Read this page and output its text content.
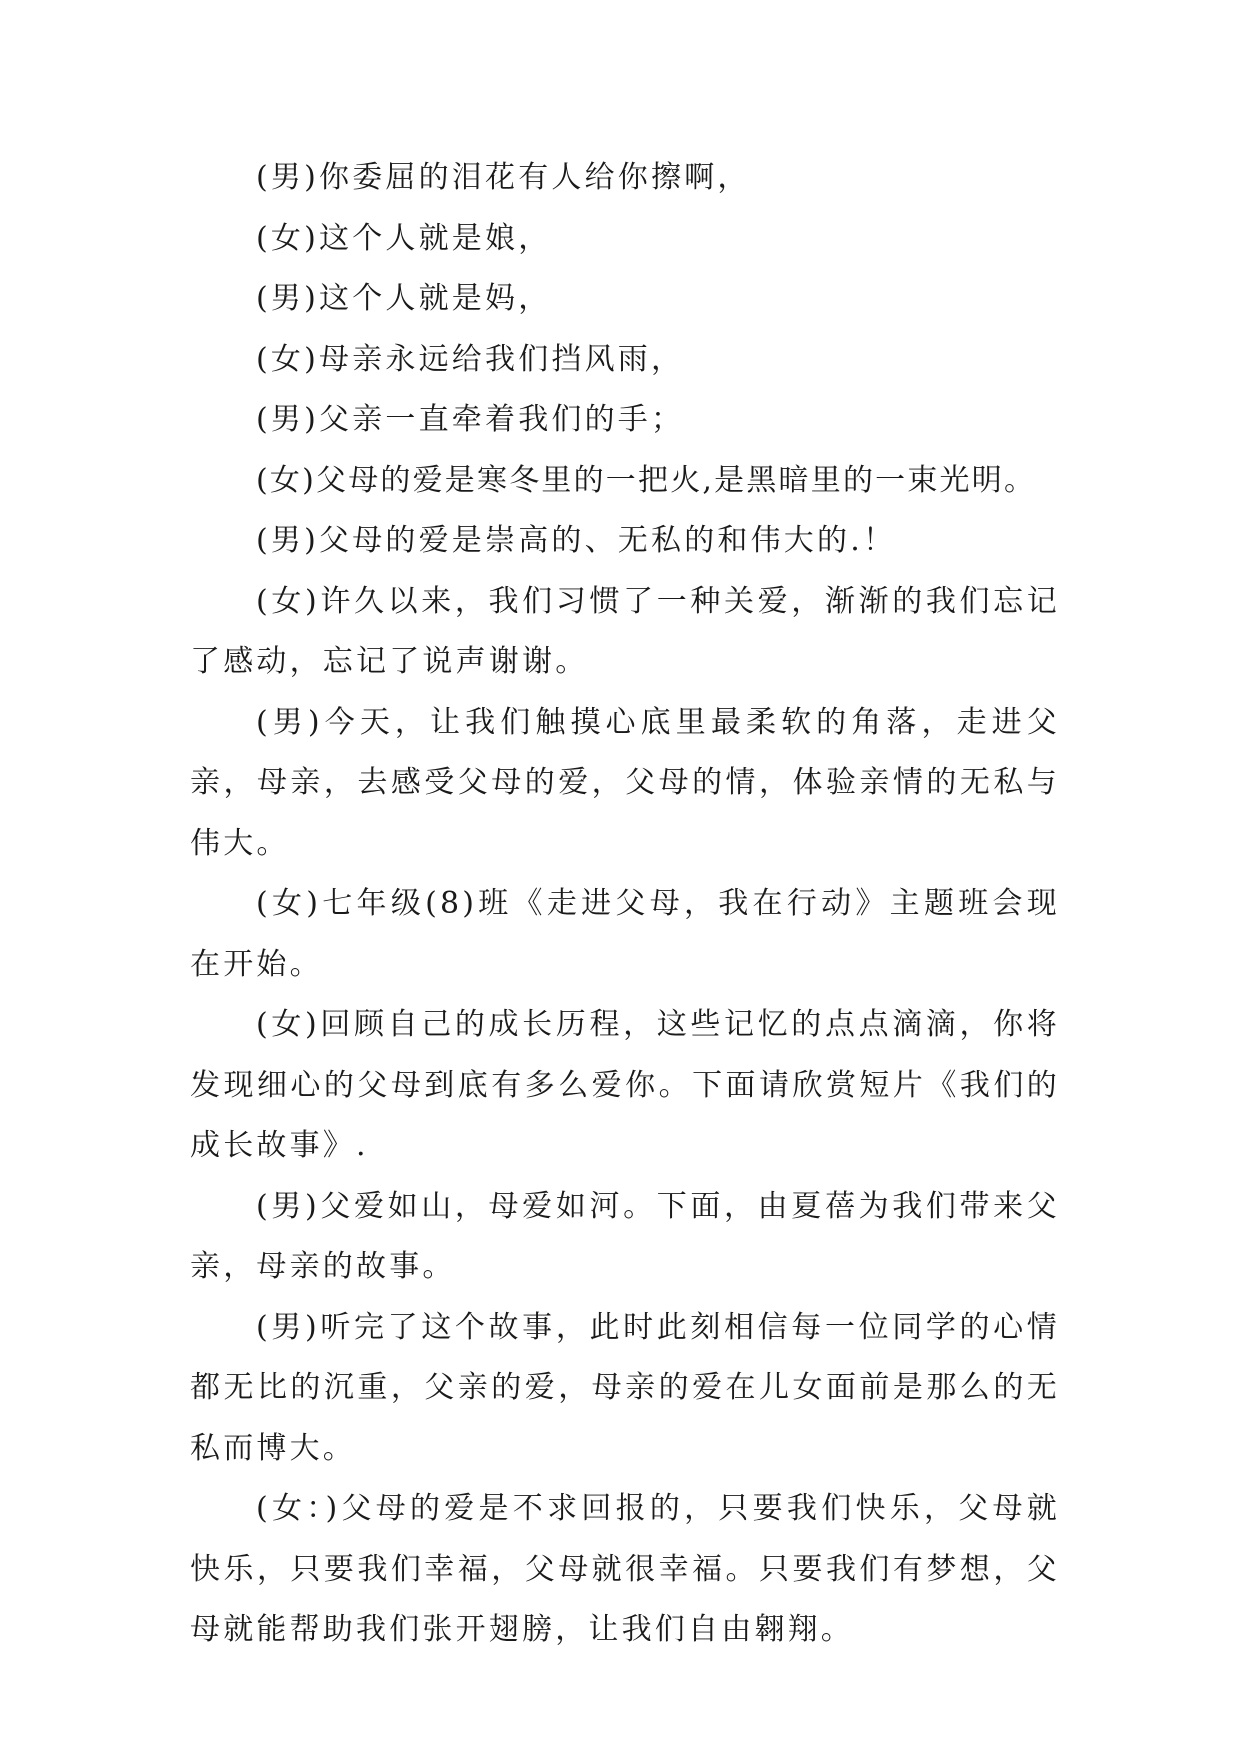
(男)你委屈的泪花有人给你擦啊，

(女)这个人就是娘，

(男)这个人就是妈，

(女)母亲永远给我们挡风雨，

(男)父亲一直牵着我们的手；

(女)父母的爱是寒冬里的一把火,是黑暗里的一束光明。

(男)父母的爱是崇高的、无私的和伟大的.！

(女)许久以来，我们习惯了一种关爱，渐渐的我们忘记了感动，忘记了说声谢谢。

(男)今天，让我们触摸心底里最柔软的角落，走进父亲，母亲，去感受父母的爱，父母的情，体验亲情的无私与伟大。

(女)七年级(8)班《走进父母，我在行动》主题班会现在开始。

(女)回顾自己的成长历程，这些记忆的点点滴滴，你将发现细心的父母到底有多么爱你。下面请欣赏短片《我们的成长故事》.

(男)父爱如山，母爱如河。下面，由夏蓓为我们带来父亲，母亲的故事。

(男)听完了这个故事，此时此刻相信每一位同学的心情都无比的沉重，父亲的爱，母亲的爱在儿女面前是那么的无私而博大。

(女：)父母的爱是不求回报的，只要我们快乐，父母就快乐，只要我们幸福，父母就很幸福。只要我们有梦想，父母就能帮助我们张开翅膀，让我们自由翱翔。
